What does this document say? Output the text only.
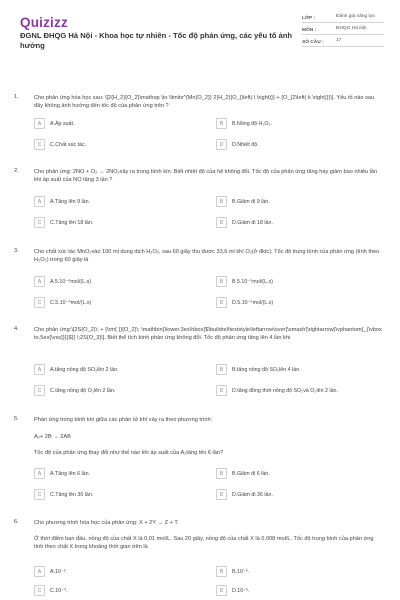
Quizizz
ĐGNL ĐHQG Hà Nội - Khoa học tự nhiên - Tốc độ phản ứng, các yếu tố ảnh hưởng
LỚP :	Đánh giá năng lực
MÔN :	ĐHQG Hà Nội
SỐ CÂU :	17
1.	Cho phản ứng hóa học sau: \[2{H_2}{O_2}\mathop \to \limits^{Mn{O_2}} 2{H_2}{O_{\left( l \right)}} + {O_{2\left( k \right)}}\]. Yếu tố nào sau đây không ảnh hưởng đến tốc độ của phản ứng trên ?
A	A.Áp suất.	B	B.Nồng độ H₂O₂.
C	C.Chất xúc tác.	D	D.Nhiệt độ.
2.	Cho phản ứng: 2NO + O₂ → 2NO₂xảy ra trong bình kín. Biết nhiệt độ của hệ không đổi. Tốc độ của phản ứng tăng hay giảm bao nhiêu lần khi áp suất của NO tăng 3 lần ?
A	A.Tăng lên 9 lần.	B	B.Giảm đi 9 lần.
C	C.Tăng lên 18 lần.	D	D.Giảm đi 18 lần.
3.	Cho chất xúc tác MnO₂vào 100 ml dung dịch H₂O₂, sau 60 giây thu được 33,6 ml khí O₂(ở đktc). Tốc độ trung bình của phản ứng (tính theo H₂O₂) trong 60 giây là
A	A.5.10⁻⁴mol/(L.s)	B	B.5.10⁻⁵mol/(L.s)
C	C.5.10⁻⁴mol/(L.s)	D	D.5.10⁻⁵mol/(L.s)
4.	Cho phản ứng:\[2S{O_2}\; + {\rm{ }}{O_2}\; \mathbin{\lower.3ex\hbox{$\buildrel\textstyle\leftarrow\over{\smash{\rightarrow}\vphantom{_{\vbox to.5ex{\vss}}}}$}} \;2S{O_3}\]. Biết thể tích bình phản ứng không đổi. Tốc độ phản ứng tăng lên 4 lần khi
A	A.tăng nồng độ SO₂lên 2 lần.	B	B.tăng nồng độ SO₂lên 4 lần.
C	C.tăng nồng độ O₂lên 2 lần.	D	D.tăng đồng thời nồng độ SO₂và O₂lên 2 lần.
5.	Phản ứng trong bình kín giữa các phân tử khí xảy ra theo phương trình:
A₂+ 2B → 2AB
Tốc độ của phản ứng thay đổi như thế nào khi áp suất của A₂tăng lên 6 lần?
A	A.Tăng lên 6 lần.	B	B.Giảm đi 6 lần.
C	C.Tăng lên 36 lần.	D	D.Giảm đi 36 lần.
6.	Cho phương trình hóa học của phản ứng: X + 2Y → Z + T.
Ở thời điểm ban đầu, nồng độ của chất X là 0,01 mol/L. Sau 20 giây, nồng độ của chất X là 0,008 mol/L. Tốc độ trung bình của phản ứng tính theo chất X trong khoảng thời gian trên là
A	A.10⁻².	B	B.10⁻³.
C	C.10⁻⁴.	D	D.10⁻⁵.
